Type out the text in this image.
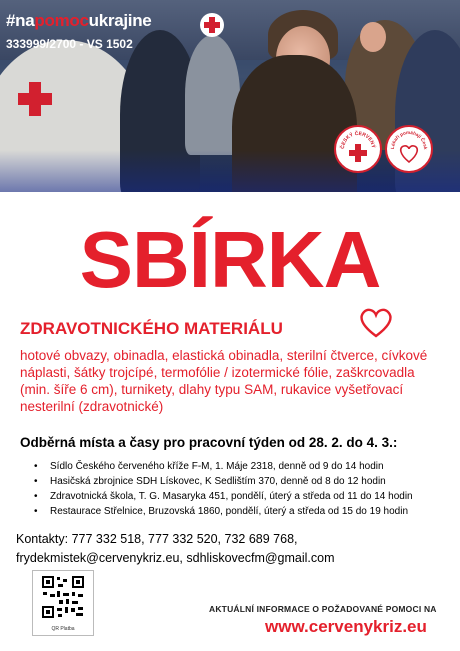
#napomocukrajine
333999/2700 - VS 1502
ČESKÝ ČERVENÝ	Lékaři pomáhají Česk
SBÍRKA
ZDRAVOTNICKÉHO MATERIÁLU
hotové obvazy, obinadla, elastická obinadla, sterilní čtverce, cívkové náplasti, šátky trojcípé, termofólie / izotermické fólie, zaškrcovadla (min. šíře 6 cm), turnikety, dlahy typu SAM, rukavice vyšetřovací nesterilní (zdravotnické)
Odběrná místa a časy pro pracovní týden od 28. 2. do 4. 3.:
• Sídlo Českého červeného kříže F-M, 1. Máje 2318, denně od 9 do 14 hodin
• Hasičská zbrojnice SDH Lískovec, K Sedlištím 370, denně od 8 do 12 hodin
• Zdravotnická škola, T. G. Masaryka 451, pondělí, úterý a středa od 11 do 14 hodin
• Restaurace Střelnice, Bruzovská 1860, pondělí, úterý a středa od 15 do 19 hodin
Kontakty: 777 332 518, 777 332 520, 732 689 768,
frydekmistek@cervenykriz.eu, sdhliskovecfm@gmail.com
QR Platba
AKTUÁLNÍ INFORMACE O POŽADOVANÉ POMOCI NA
www.cervenykriz.eu
